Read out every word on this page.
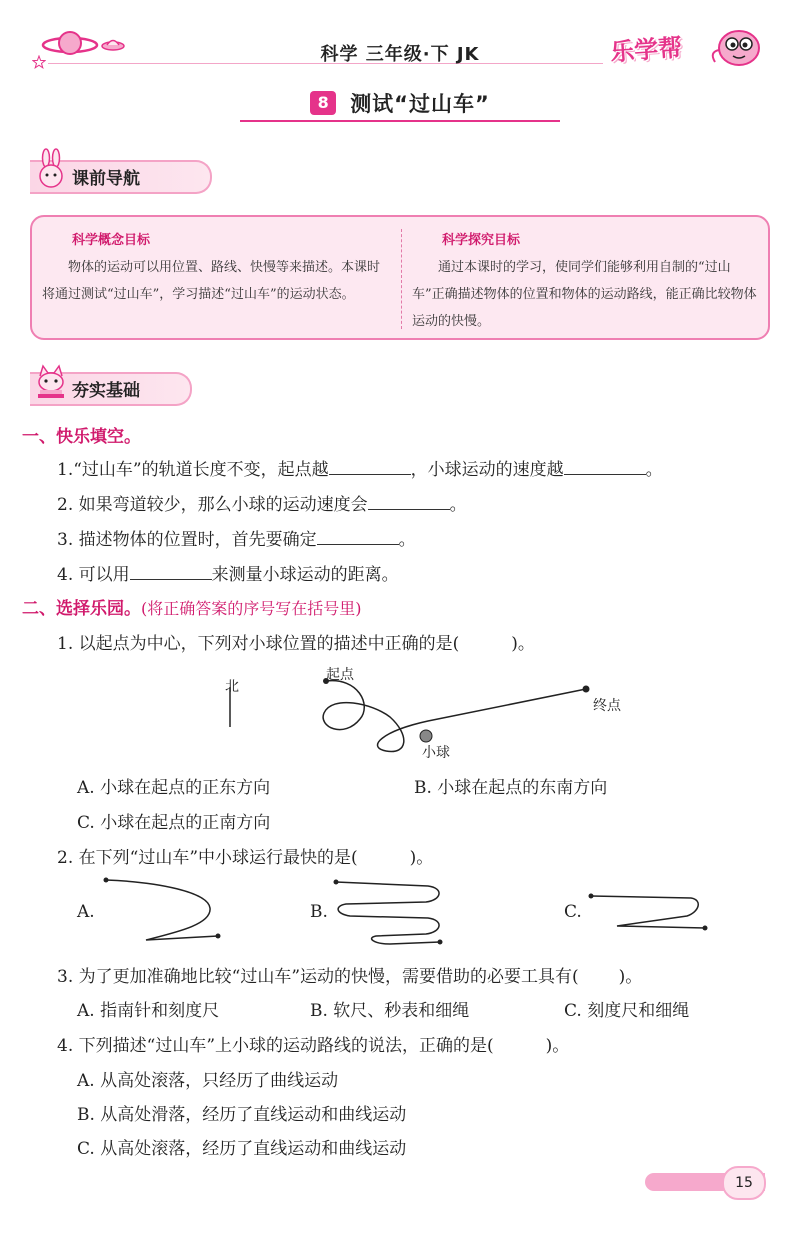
科学 三年级·下 JK	乐学帮
8 测试“过山车”
课前导航
科学概念目标
物体的运动可以用位置、路线、快慢等来描述。本课时将通过测试“过山车”，学习描述“过山车”的运动状态。
科学探究目标
通过本课时的学习，使同学们能够利用自制的“过山车”正确描述物体的位置和物体的运动路线，能正确比较物体运动的快慢。
夯实基础
一、快乐填空。
1.“过山车”的轨道长度不变，起点越	，小球运动的速度越	。
2. 如果弯道较少，那么小球的运动速度会	。
3. 描述物体的位置时，首先要确定	。
4. 可以用	来测量小球运动的距离。
二、选择乐园。(将正确答案的序号写在括号里)
1. 以起点为中心，下列对小球位置的描述中正确的是(	)。
北
起点
终点
小球
A. 小球在起点的正东方向	B. 小球在起点的东南方向
C. 小球在起点的正南方向
2. 在下列“过山车”中小球运行最快的是(	)。
A.	B.	C.
3. 为了更加准确地比较“过山车”运动的快慢，需要借助的必要工具有( )。
A. 指南针和刻度尺	B. 软尺、秒表和细绳	C. 刻度尺和细绳
4. 下列描述“过山车”上小球的运动路线的说法，正确的是(	)。
A. 从高处滚落，只经历了曲线运动
B. 从高处滑落，经历了直线运动和曲线运动
C. 从高处滚落，经历了直线运动和曲线运动
15
